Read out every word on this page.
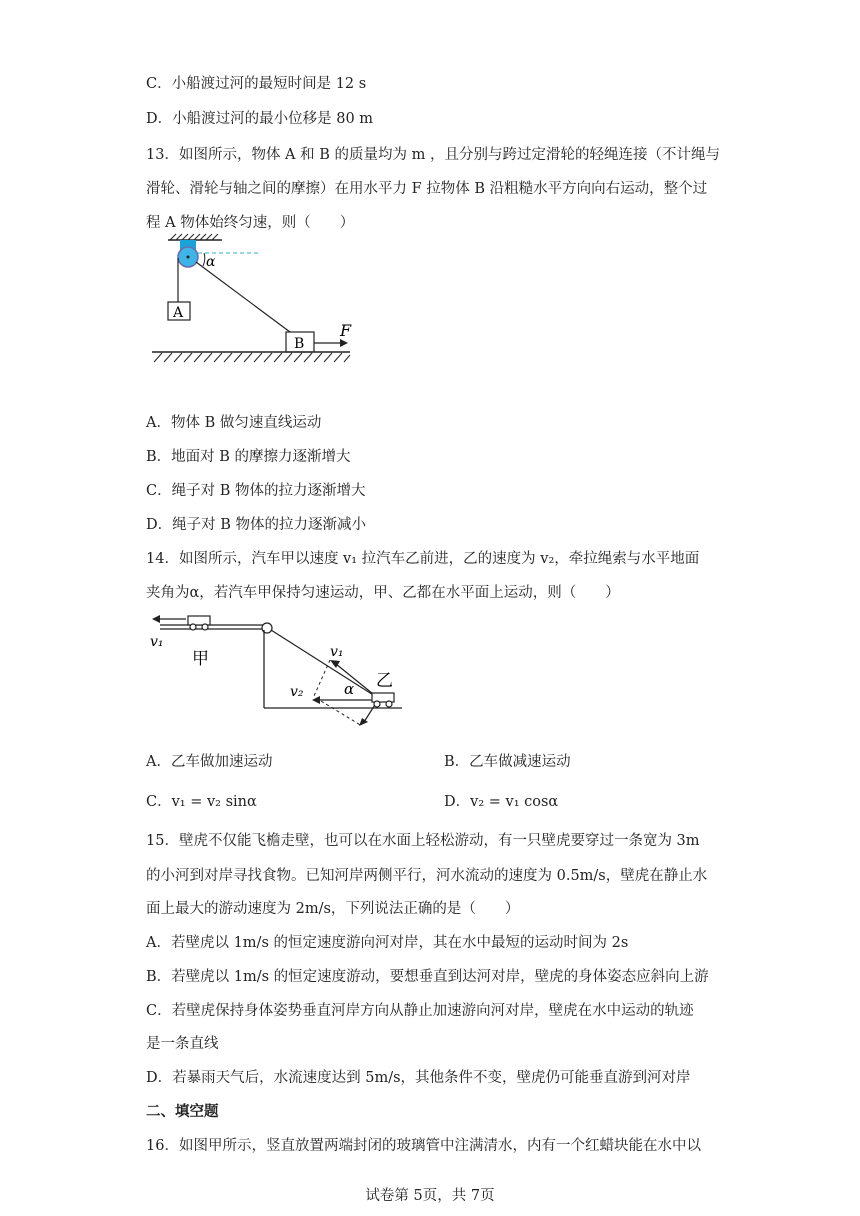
C．小船渡过河的最短时间是 12 s
D．小船渡过河的最小位移是 80 m
13．如图所示，物体 A 和 B 的质量均为 m ，且分别与跨过定滑轮的轻绳连接（不计绳与
滑轮、滑轮与轴之间的摩擦）在用水平力 F 拉物体 B 沿粗糙水平方向向右运动，整个过
程 A 物体始终匀速，则（　　）
A
α
B
F
A．物体 B 做匀速直线运动
B．地面对 B 的摩擦力逐渐增大
C．绳子对 B 物体的拉力逐渐增大
D．绳子对 B 物体的拉力逐渐减小
14．如图所示，汽车甲以速度 v₁ 拉汽车乙前进，乙的速度为 v₂，牵拉绳索与水平地面
夹角为α，若汽车甲保持匀速运动，甲、乙都在水平面上运动，则（　　）
v₁
甲	v₁
v₂	α 乙
A．乙车做加速运动	B．乙车做减速运动
C．v₁ = v₂ sinα	D．v₂ = v₁ cosα
15．壁虎不仅能飞檐走壁，也可以在水面上轻松游动，有一只壁虎要穿过一条宽为 3m
的小河到对岸寻找食物。已知河岸两侧平行，河水流动的速度为 0.5m/s，壁虎在静止水
面上最大的游动速度为 2m/s，下列说法正确的是（　　）
A．若壁虎以 1m/s 的恒定速度游向河对岸，其在水中最短的运动时间为 2s
B．若壁虎以 1m/s 的恒定速度游动，要想垂直到达河对岸，壁虎的身体姿态应斜向上游
C．若壁虎保持身体姿势垂直河岸方向从静止加速游向河对岸，壁虎在水中运动的轨迹
是一条直线
D．若暴雨天气后，水流速度达到 5m/s，其他条件不变，壁虎仍可能垂直游到河对岸
二、填空题
16．如图甲所示，竖直放置两端封闭的玻璃管中注满清水，内有一个红蜡块能在水中以
试卷第 5页，共 7页
